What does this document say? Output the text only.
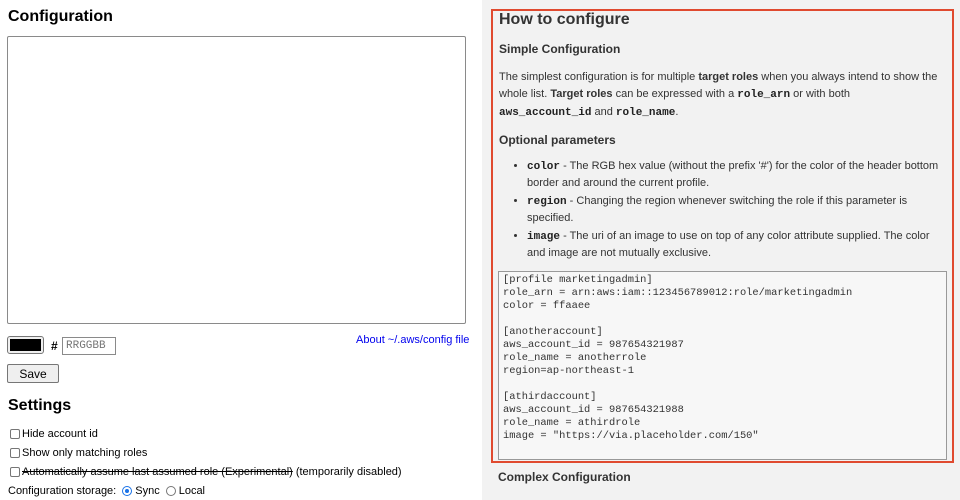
Configuration
#
RRGGBB	About ~/.aws/config file
Save
Settings
Hide account id
Show only matching roles
Automatically assume last assumed role (Experimental) (temporarily disabled)
Configuration storage: Sync Local
How to configure
Simple Configuration
The simplest configuration is for multiple target roles when you always intend to show the whole list. Target roles can be expressed with a role_arn or with both aws_account_id and role_name.
Optional parameters
• color - The RGB hex value (without the prefix '#') for the color of the header bottom border and around the current profile.
• region - Changing the region whenever switching the role if this parameter is specified.
• image - The uri of an image to use on top of any color attribute supplied. The color and image are not mutually exclusive.
[profile marketingadmin]
role_arn = arn:aws:iam::123456789012:role/marketingadmin
color = ffaaee

[anotheraccount]
aws_account_id = 987654321987
role_name = anotherrole
region=ap-northeast-1

[athirdaccount]
aws_account_id = 987654321988
role_name = athirdrole
image = "https://via.placeholder.com/150"
Complex Configuration
